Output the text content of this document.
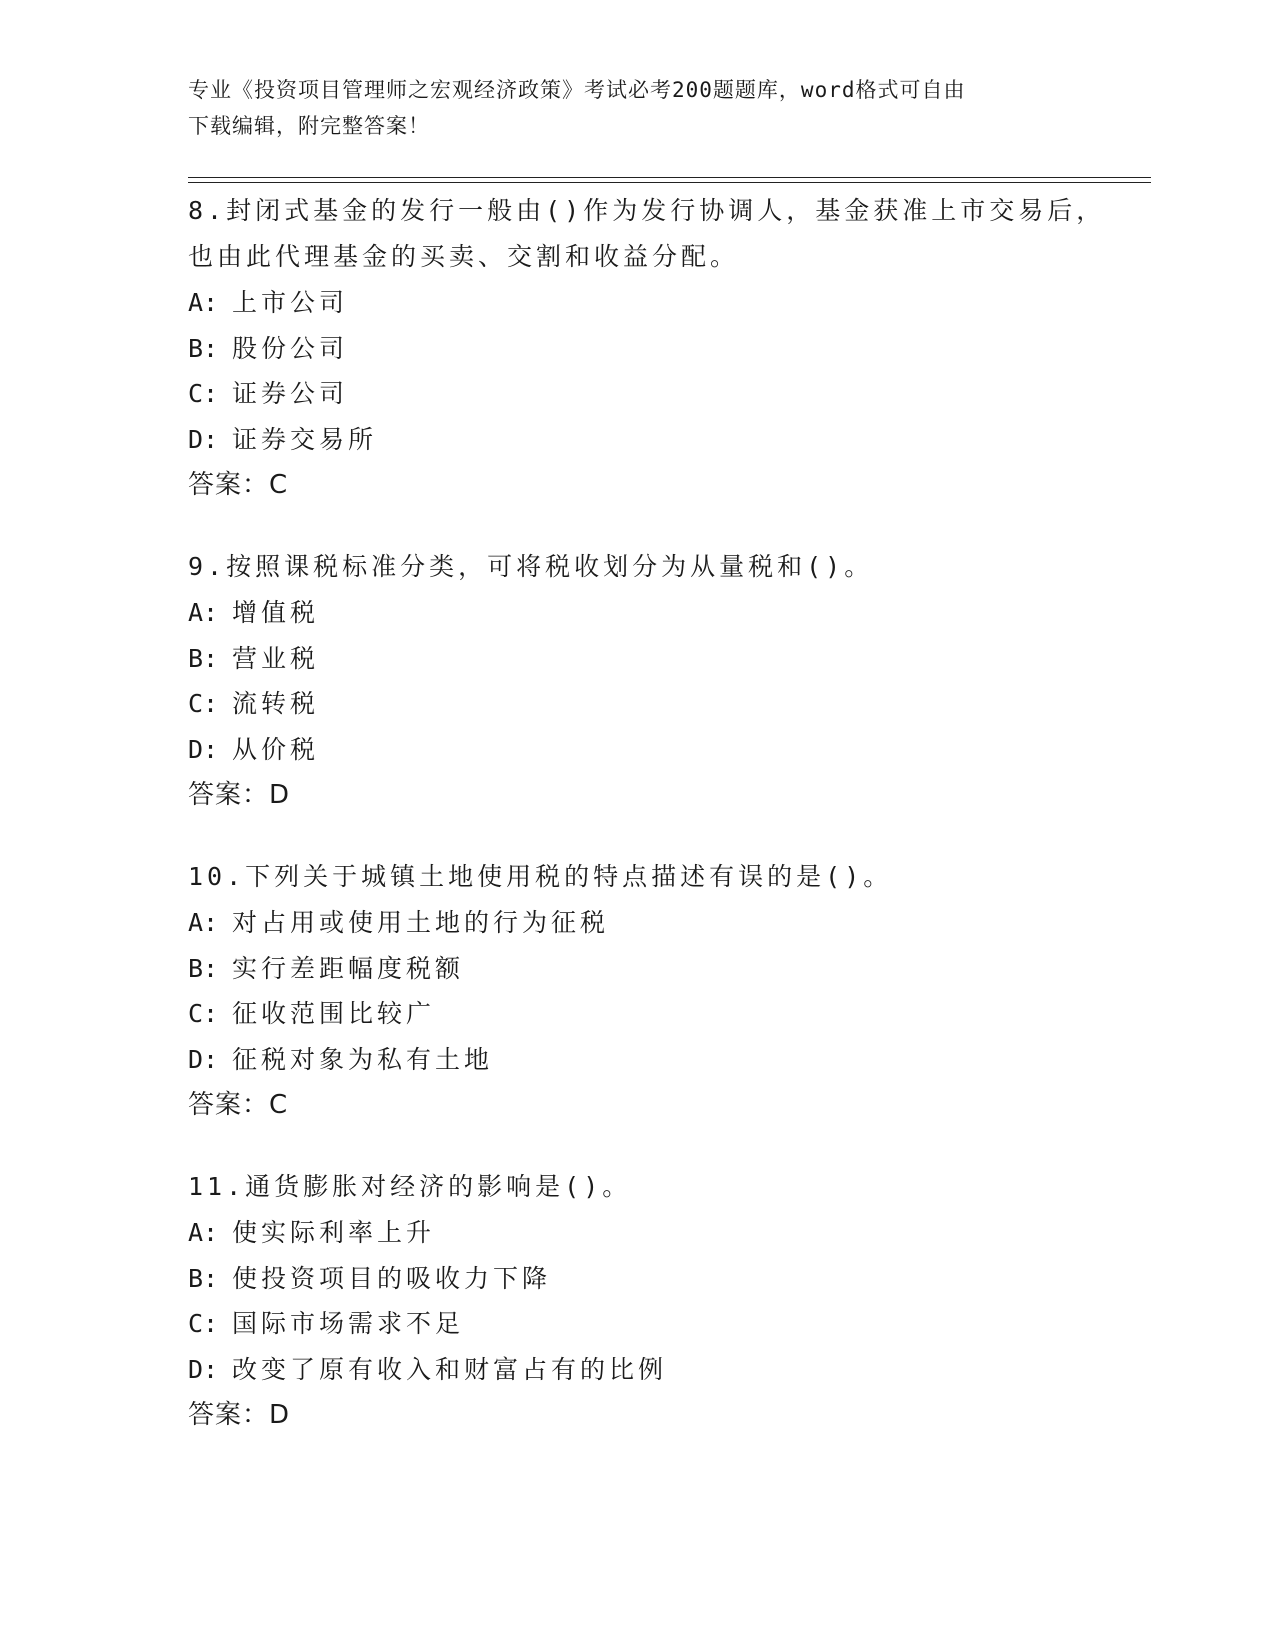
专业《投资项目管理师之宏观经济政策》考试必考200题题库，word格式可自由
下载编辑，附完整答案！

8.封闭式基金的发行一般由()作为发行协调人，基金获准上市交易后，也由此代理基金的买卖、交割和收益分配。

A: 上市公司

B: 股份公司

C: 证券公司

D: 证券交易所

答案：C

9.按照课税标准分类，可将税收划分为从量税和()。

A: 增值税

B: 营业税

C: 流转税

D: 从价税

答案：D

10.下列关于城镇土地使用税的特点描述有误的是()。

A: 对占用或使用土地的行为征税

B: 实行差距幅度税额

C: 征收范围比较广

D: 征税对象为私有土地

答案：C

11.通货膨胀对经济的影响是()。

A: 使实际利率上升

B: 使投资项目的吸收力下降

C: 国际市场需求不足

D: 改变了原有收入和财富占有的比例

答案：D
